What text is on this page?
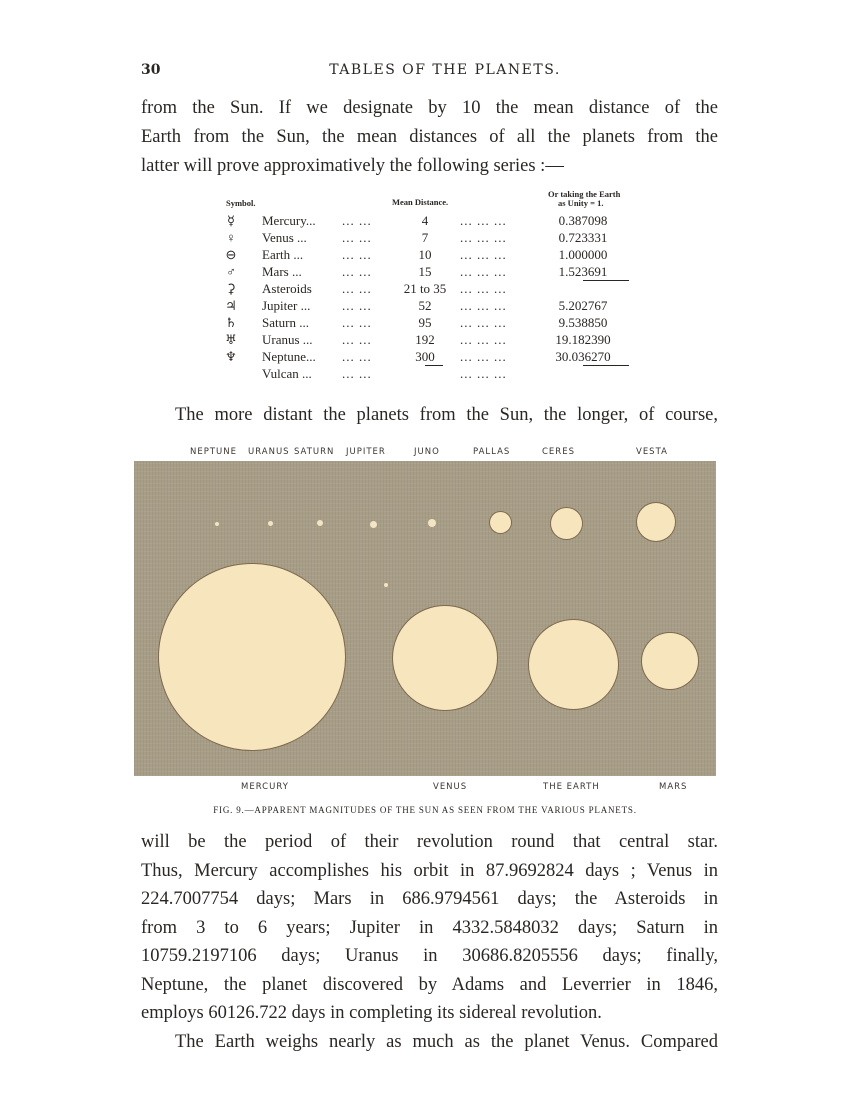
30	TABLES OF THE PLANETS.
from the Sun. If we designate by 10 the mean distance of the
Earth from the Sun, the mean distances of all the planets from the
latter will prove approximatively the following series :—
Symbol.	Mean Distance.
Or taking the Earth
as Unity = 1.
☿ Mercury... ... ...	4	... ... ...	0.387098
♀ Venus ...	... ...	7	... ... ...	0.723331
⊖ Earth ...	... ...	10	... ... ...	1.000000
♂ Mars ...	... ...	15	... ... ...	1.523691
⚳ Asteroids ... ...	21 to 35	... ... ...
♃ Jupiter ... ... ...	52	... ... ...	5.202767
♄ Saturn ...	... ...	95	... ... ...	9.538850
♅ Uranus ... ... ...	192	... ... ...	19.182390
♆ Neptune... ... ...	300	... ... ...	30.036270
Vulcan ... ... ...	... ... ...
The more distant the planets from the Sun, the longer, of course,
NEPTUNE URANUS SATURN JUPITER	JUNO	PALLAS	CERES	VESTA
MERCURY	VENUS	THE EARTH	MARS
FIG. 9.—APPARENT MAGNITUDES OF THE SUN AS SEEN FROM THE VARIOUS PLANETS.
will be the period of their revolution round that central star.
Thus, Mercury accomplishes his orbit in 87.9692824 days ; Venus in
224.7007754 days; Mars in 686.9794561 days; the Asteroids in
from 3 to 6 years; Jupiter in 4332.5848032 days; Saturn in
10759.2197106 days; Uranus in 30686.8205556 days; finally,
Neptune, the planet discovered by Adams and Leverrier in 1846,
employs 60126.722 days in completing its sidereal revolution.
The Earth weighs nearly as much as the planet Venus. Compared
